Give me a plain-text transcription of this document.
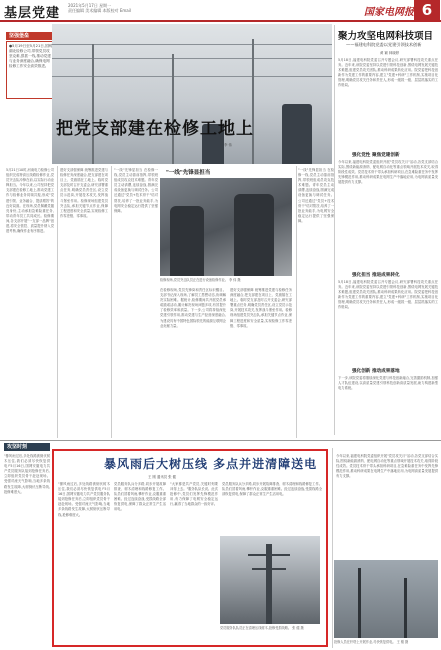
基层党建
2021年5月17日 星期一
责任编辑 美术编辑 本版校对 Email	国家电网报 6
坚强堡垒
●5月19日至5月21日,国网湖北检修公司,带领党员攻坚克难,狠抓一线,推动党建与业务深度融合,确保电网检修工作安全高效推进。
把党支部建在检修工地上
李 伟
5月21日10时,河南电力检修公司组织完成特高压线路检修作业,党员突击队冲锋在前,以实际行动诠释担当。今年以来,公司坚持把党支部建在检修工地上,推动党建工作与检修业务同频共振,形成"党建引领、业务融合、提质增效"的良好局面。在现场,党员佩戴党徽亮身份,主动承担急难险重任务,带动青年员工共同成长。检修期间,各支部开展"一支部一品牌"创建,将安全管控、质量提升纳入党建考核,确保作业有序推进。
建好支部强保障 统筹推进党建与检修任务深度融合,把支部建在项目上、党旗插在工地上。临时党支部及时召开支委会,研究部署重点任务,明确党员责任区,设立党员示范岗,开展技术攻关,发挥战斗堡垒作用。检修现场组建党员突击队,承担关键节点作业,保障工程进度和安全质量,实现检修工作零差错、零事故。
"一线"先锋显担当 在检修一线,党员主动靠前指挥,带领班组成员攻克技术难题。青年党员主动请缨,连续奋战,圆满完成设备更换与调试任务。公司还通过"党员+技术骨干"结对帮扶,培养了一批业务能手,为电网安全稳定运行提供了坚强保障。
"一线"先锋显担当
检修现场,党员突击队员正在进行设备检修作业。 李 伟 摄
在检修现场,党员先锋岗和责任区标识醒目。支部书记深入现场,了解员工思想动态,协调解决实际困难。据统计,检修期间共开展党员承诺践诺活动,累计解决现场问题多项,有效提升了检修效率和质量。下一步,公司将持续深化党建引领作用,推动党建与生产经营深度融合,为建设具有中国特色国际领先的能源互联网企业贡献力量。
建好支部强保障 统筹推进党建与检修任务深度融合,把支部建在项目上、党旗插在工地上。临时党支部及时召开支委会,研究部署重点任务,明确党员责任区,设立党员示范岗,开展技术攻关,发挥战斗堡垒作用。检修现场组建党员突击队,承担关键节点作业,保障工程进度和安全质量,实现检修工作零差错、零事故。
"一线"先锋显担当 在检修一线,党员主动靠前指挥,带领班组成员攻克技术难题。青年党员主动请缨,连续奋战,圆满完成设备更换与调试任务。公司还通过"党员+技术骨干"结对帮扶,培养了一批业务能手,为电网安全稳定运行提供了坚强保障。
聚力攻坚电网科技项目
——福建电科院党委以党建引领技术创新
黄 颖 林晓婷
5月18日,福建电科院党委召开专题会议,研究部署科技攻关重点任务。近年来,该院党委坚持以党建引领科技创新,围绕电网发展关键技术难题,组建党员攻关团队,推动科研成果转化应用。院党委把科技创新作为党建工作的重要内容,建立"党建+科研"工作机制,实施项目化管理,明确党员攻关任务和责任人,形成一级抓一级、层层抓落实的工作格局。
强化党性 聚焦党建创新
今年以来,福建电科院党委组织开展"党员攻关月"活动,各党支部结合实际,围绕新能源消纳、配电网自动化等重点领域开展技术攻关,取得阶段性成效。党员技术骨干带头承担科研项目,在急难险重任务中发挥先锋模范作用,推动科研成果在电网生产中落地应用,为电网高质量发展提供有力支撑。
强化担当 推进成果转化
5月18日,福建电科院党委召开专题会议,研究部署科技攻关重点任务。近年来,该院党委坚持以党建引领科技创新,围绕电网发展关键技术难题,组建党员攻关团队,推动科研成果转化应用。院党委把科技创新作为党建工作的重要内容,建立"党建+科研"工作机制,实施项目化管理,明确党员攻关任务和责任人,形成一级抓一级、层层抓落实的工作格局。
强化创新 推动成果落地
下一步,该院党委将继续深化党建与科技创新融合,完善激励机制,加强人才队伍建设,以高质量党建引领科技创新高质量发展,助力构建新型电力系统。
攻坚时刻
"暴风雨过后,多处线路被倒伏树木压住,我们必须尽快恢复供电!"5月16日,国网安徽电力共产党员服务队接到抢修任务后,立即组织党员骨干赶赴现场。受强对流天气影响,当地多条线路发生故障,大树倒伏压断导线,抢修难度大。
暴风雨后大树压线 多点并进清障送电
王 刚 通讯员 张 健
"暴风雨过后,多处线路被倒伏树木压住,我们必须尽快恢复供电!"5月16日,国网安徽电力共产党员服务队接到抢修任务后,立即组织党员骨干赶赴现场。受强对流天气影响,当地多条线路发生故障,大树倒伏压断导线,抢修难度大。
党员服务队兵分多路,同步开展故障排查、树木清理和线路修复工作。队员们冒着风雨,攀杆作业,克服重重困难。经过连续奋战,受损线路全部恢复供电,保障了群众正常生产生活用电。
"大家都是共产党员,关键时刻要冲得上去。"服务队队长说。此次抢修中,党员们发挥先锋模范作用,有力保障了电网安全稳定运行,赢得了当地群众的一致好评。
党员服务队兵分多路,同步开展故障排查、树木清理和线路修复工作。队员们冒着风雨,攀杆作业,克服重重困难。经过连续奋战,受损线路全部恢复供电,保障了群众正常生产生活用电。
党员服务队队员正在清理压线树木,抢修受损线路。 张 健 摄
今年以来,福建电科院党委组织开展"党员攻关月"活动,各党支部结合实际,围绕新能源消纳、配电网自动化等重点领域开展技术攻关,取得阶段性成效。党员技术骨干带头承担科研项目,在急难险重任务中发挥先锋模范作用,推动科研成果在电网生产中落地应用,为电网高质量发展提供有力支撑。
抢修人员在杆塔上开展作业,尽快恢复供电。 王 刚 摄
